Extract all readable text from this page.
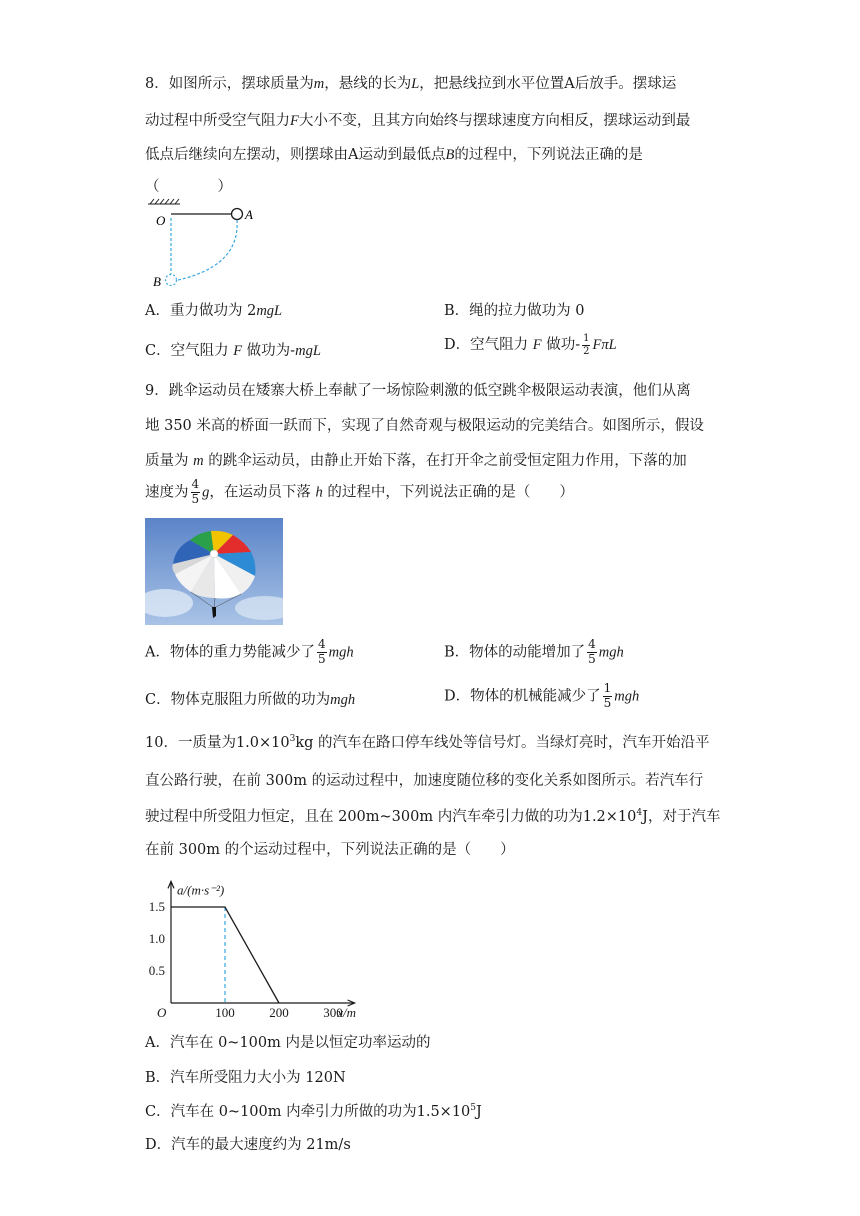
8．如图所示，摆球质量为m，悬线的长为L，把悬线拉到水平位置A后放手。摆球运
动过程中所受空气阻力F大小不变，且其方向始终与摆球速度方向相反，摆球运动到最
低点后继续向左摆动，则摆球由A运动到最低点B的过程中，下列说法正确的是
（　　　　）
O	A
B
A．重力做功为 2mgL	B．绳的拉力做功为 0
C．空气阻力 F 做功为-mgL	D．空气阻力 F 做功- $\frac{1}{2}$ FπL
9．跳伞运动员在矮寨大桥上奉献了一场惊险刺激的低空跳伞极限运动表演，他们从离
地 350 米高的桥面一跃而下，实现了自然奇观与极限运动的完美结合。如图所示，假设
质量为 m 的跳伞运动员，由静止开始下落，在打开伞之前受恒定阻力作用，下落的加
速度为 $\frac{4}{5}$ g，在运动员下落 h 的过程中，下列说法正确的是（　　）
A．物体的重力势能减少了 $\frac{4}{5}$ mgh	B．物体的动能增加了 $\frac{4}{5}$ mgh
C．物体克服阻力所做的功为mgh	D．物体的机械能减少了 $\frac{1}{5}$ mgh
10．一质量为$1.0\times 10^3kg$ 的汽车在路口停车线处等信号灯。当绿灯亮时，汽车开始沿平
直公路行驶，在前 300m 的运动过程中，加速度随位移的变化关系如图所示。若汽车行
驶过程中所受阻力恒定，且在 200m~300m 内汽车牵引力做的功为$1.2\times 10^4J$，对于汽车
在前 300m 的个运动过程中，下列说法正确的是（　　）
a/(m·s⁻²)
x/m
O	100	200	300
1.5
1.0
0.5
A．汽车在 0~100m 内是以恒定功率运动的
B．汽车所受阻力大小为 120N
C．汽车在 0~100m 内牵引力所做的功为$1.5\times 10^5J$
D．汽车的最大速度约为 21m/s
